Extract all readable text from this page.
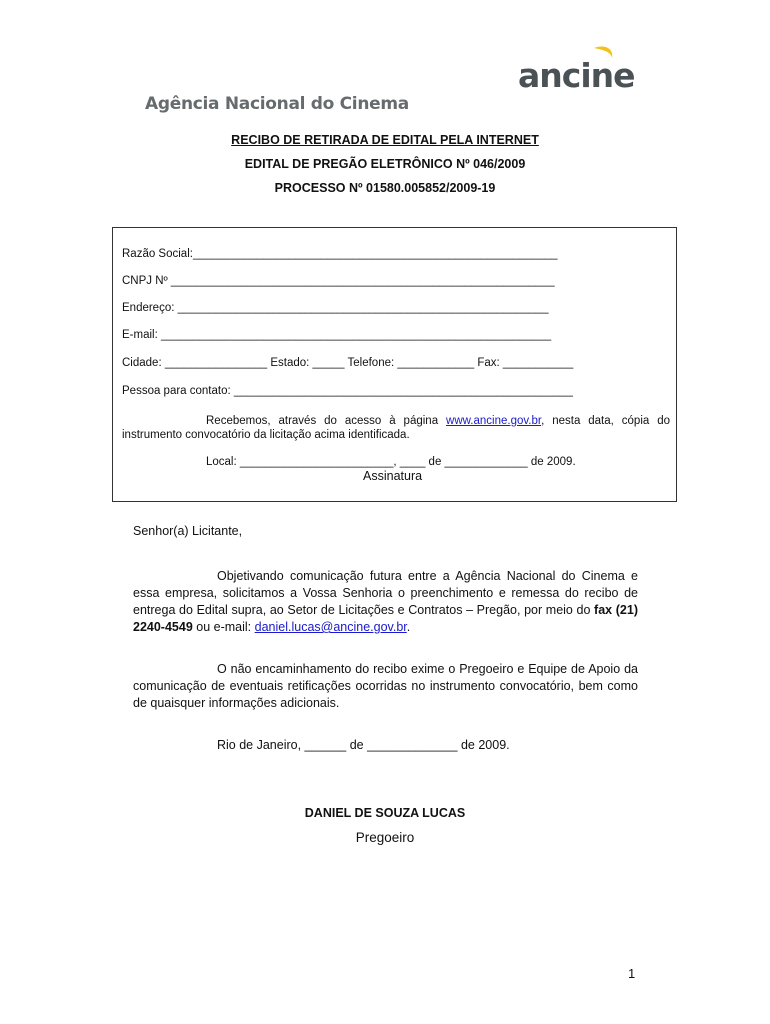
ancine
Agência Nacional do Cinema
RECIBO DE RETIRADA DE EDITAL PELA INTERNET
EDITAL DE PREGÃO ELETRÔNICO Nº 046/2009
PROCESSO Nº 01580.005852/2009-19
Razão Social:_________________________________________________________
CNPJ Nº ____________________________________________________________
Endereço: __________________________________________________________
E-mail: _____________________________________________________________
Cidade: ________________ Estado: _____ Telefone: ____________ Fax: ___________
Pessoa para contato: _____________________________________________________
Recebemos, através do acesso à página www.ancine.gov.br, nesta data, cópia do instrumento convocatório da licitação acima identificada.
Local: ________________________, ____ de _____________ de 2009.
Assinatura
Senhor(a) Licitante,
Objetivando comunicação futura entre a Agência Nacional do Cinema e essa empresa, solicitamos a Vossa Senhoria o preenchimento e remessa do recibo de entrega do Edital supra, ao Setor de Licitações e Contratos – Pregão, por meio do fax (21) 2240-4549 ou e-mail: daniel.lucas@ancine.gov.br.
O não encaminhamento do recibo exime o Pregoeiro e Equipe de Apoio da comunicação de eventuais retificações ocorridas no instrumento convocatório, bem como de quaisquer informações adicionais.
Rio de Janeiro, ______ de _____________ de 2009.
DANIEL DE SOUZA LUCAS
Pregoeiro
1
